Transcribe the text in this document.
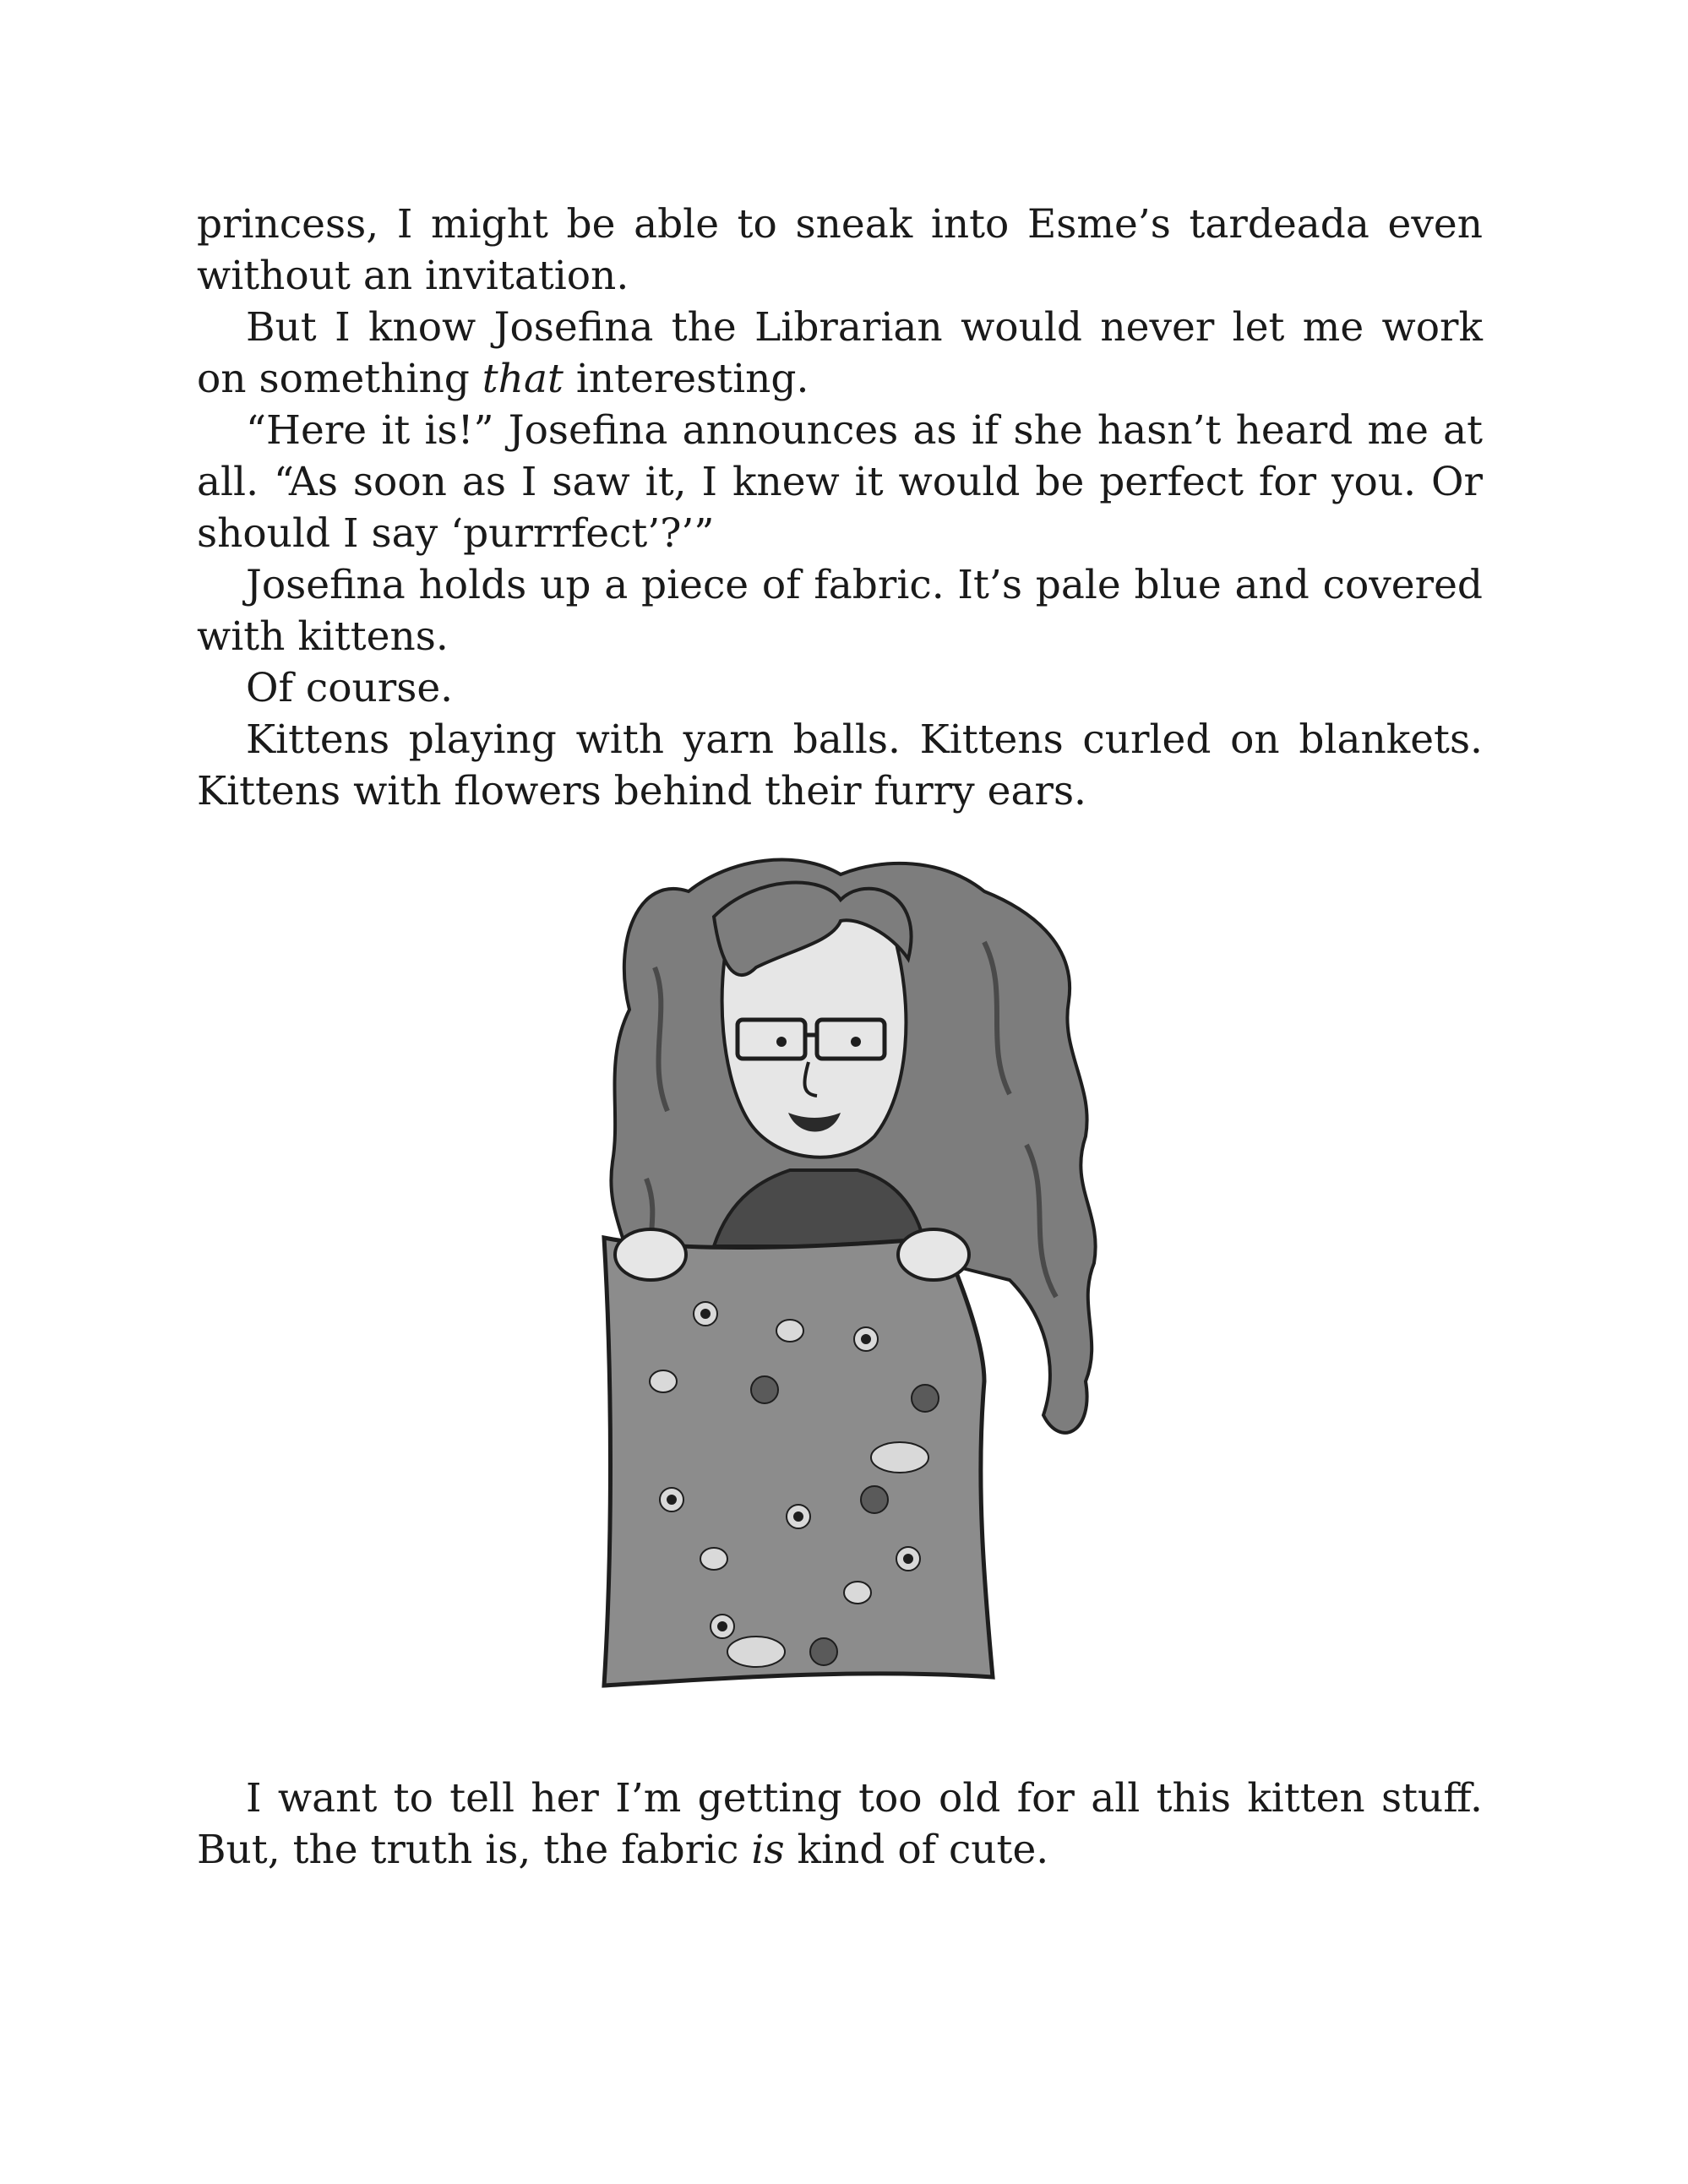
princess, I might be able to sneak into Esme’s tardeada even without an invitation.

But I know Josefina the Librarian would never let me work on something that interesting.

“Here it is!” Josefina announces as if she hasn’t heard me at all. “As soon as I saw it, I knew it would be perfect for you. Or should I say ‘purrrfect’?’”

Josefina holds up a piece of fabric. It’s pale blue and covered with kittens.

Of course.

Kittens playing with yarn balls. Kittens curled on blankets. Kittens with flowers behind their furry ears.

I want to tell her I’m getting too old for all this kitten stuff. But, the truth is, the fabric is kind of cute.
